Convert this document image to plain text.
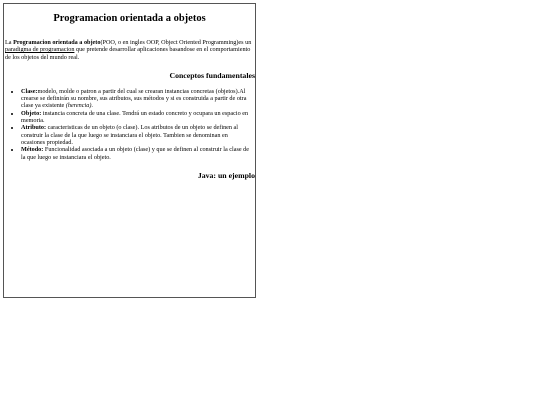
Programacion orientada a objetos

La Programacion orientada a objeto(POO, o en ingles OOP, Object Oriented Programming)es un paradigma de programacion que pretende desarrollar aplicaciones basandose en el comportamiento de los objetos del mundo real.

Conceptos fundamentales
• Clase:modelo, molde o patron a partir del cual se crearan instancias concretas (objetos).Al crearse se definirán su nombre, sus atributos, sus métodos y si es construida a partir de otra clase ya existente (herencia).
• Objeto: instancia concreta de una clase. Tendrá un estado concreto y ocupara un espacio en memoria.
• Atributo: caracteristicas de un objeto (o clase). Los atributos de un objeto se definen al construir la clase de la que luego se instanciara el objeto. Tambien se denominan en ocasiones propiedad.
• Método: Funcionalidad asociada a un objeto (clase) y que se definen al construir la clase de la que luego se instanciara el objeto.
Java: un ejemplo
